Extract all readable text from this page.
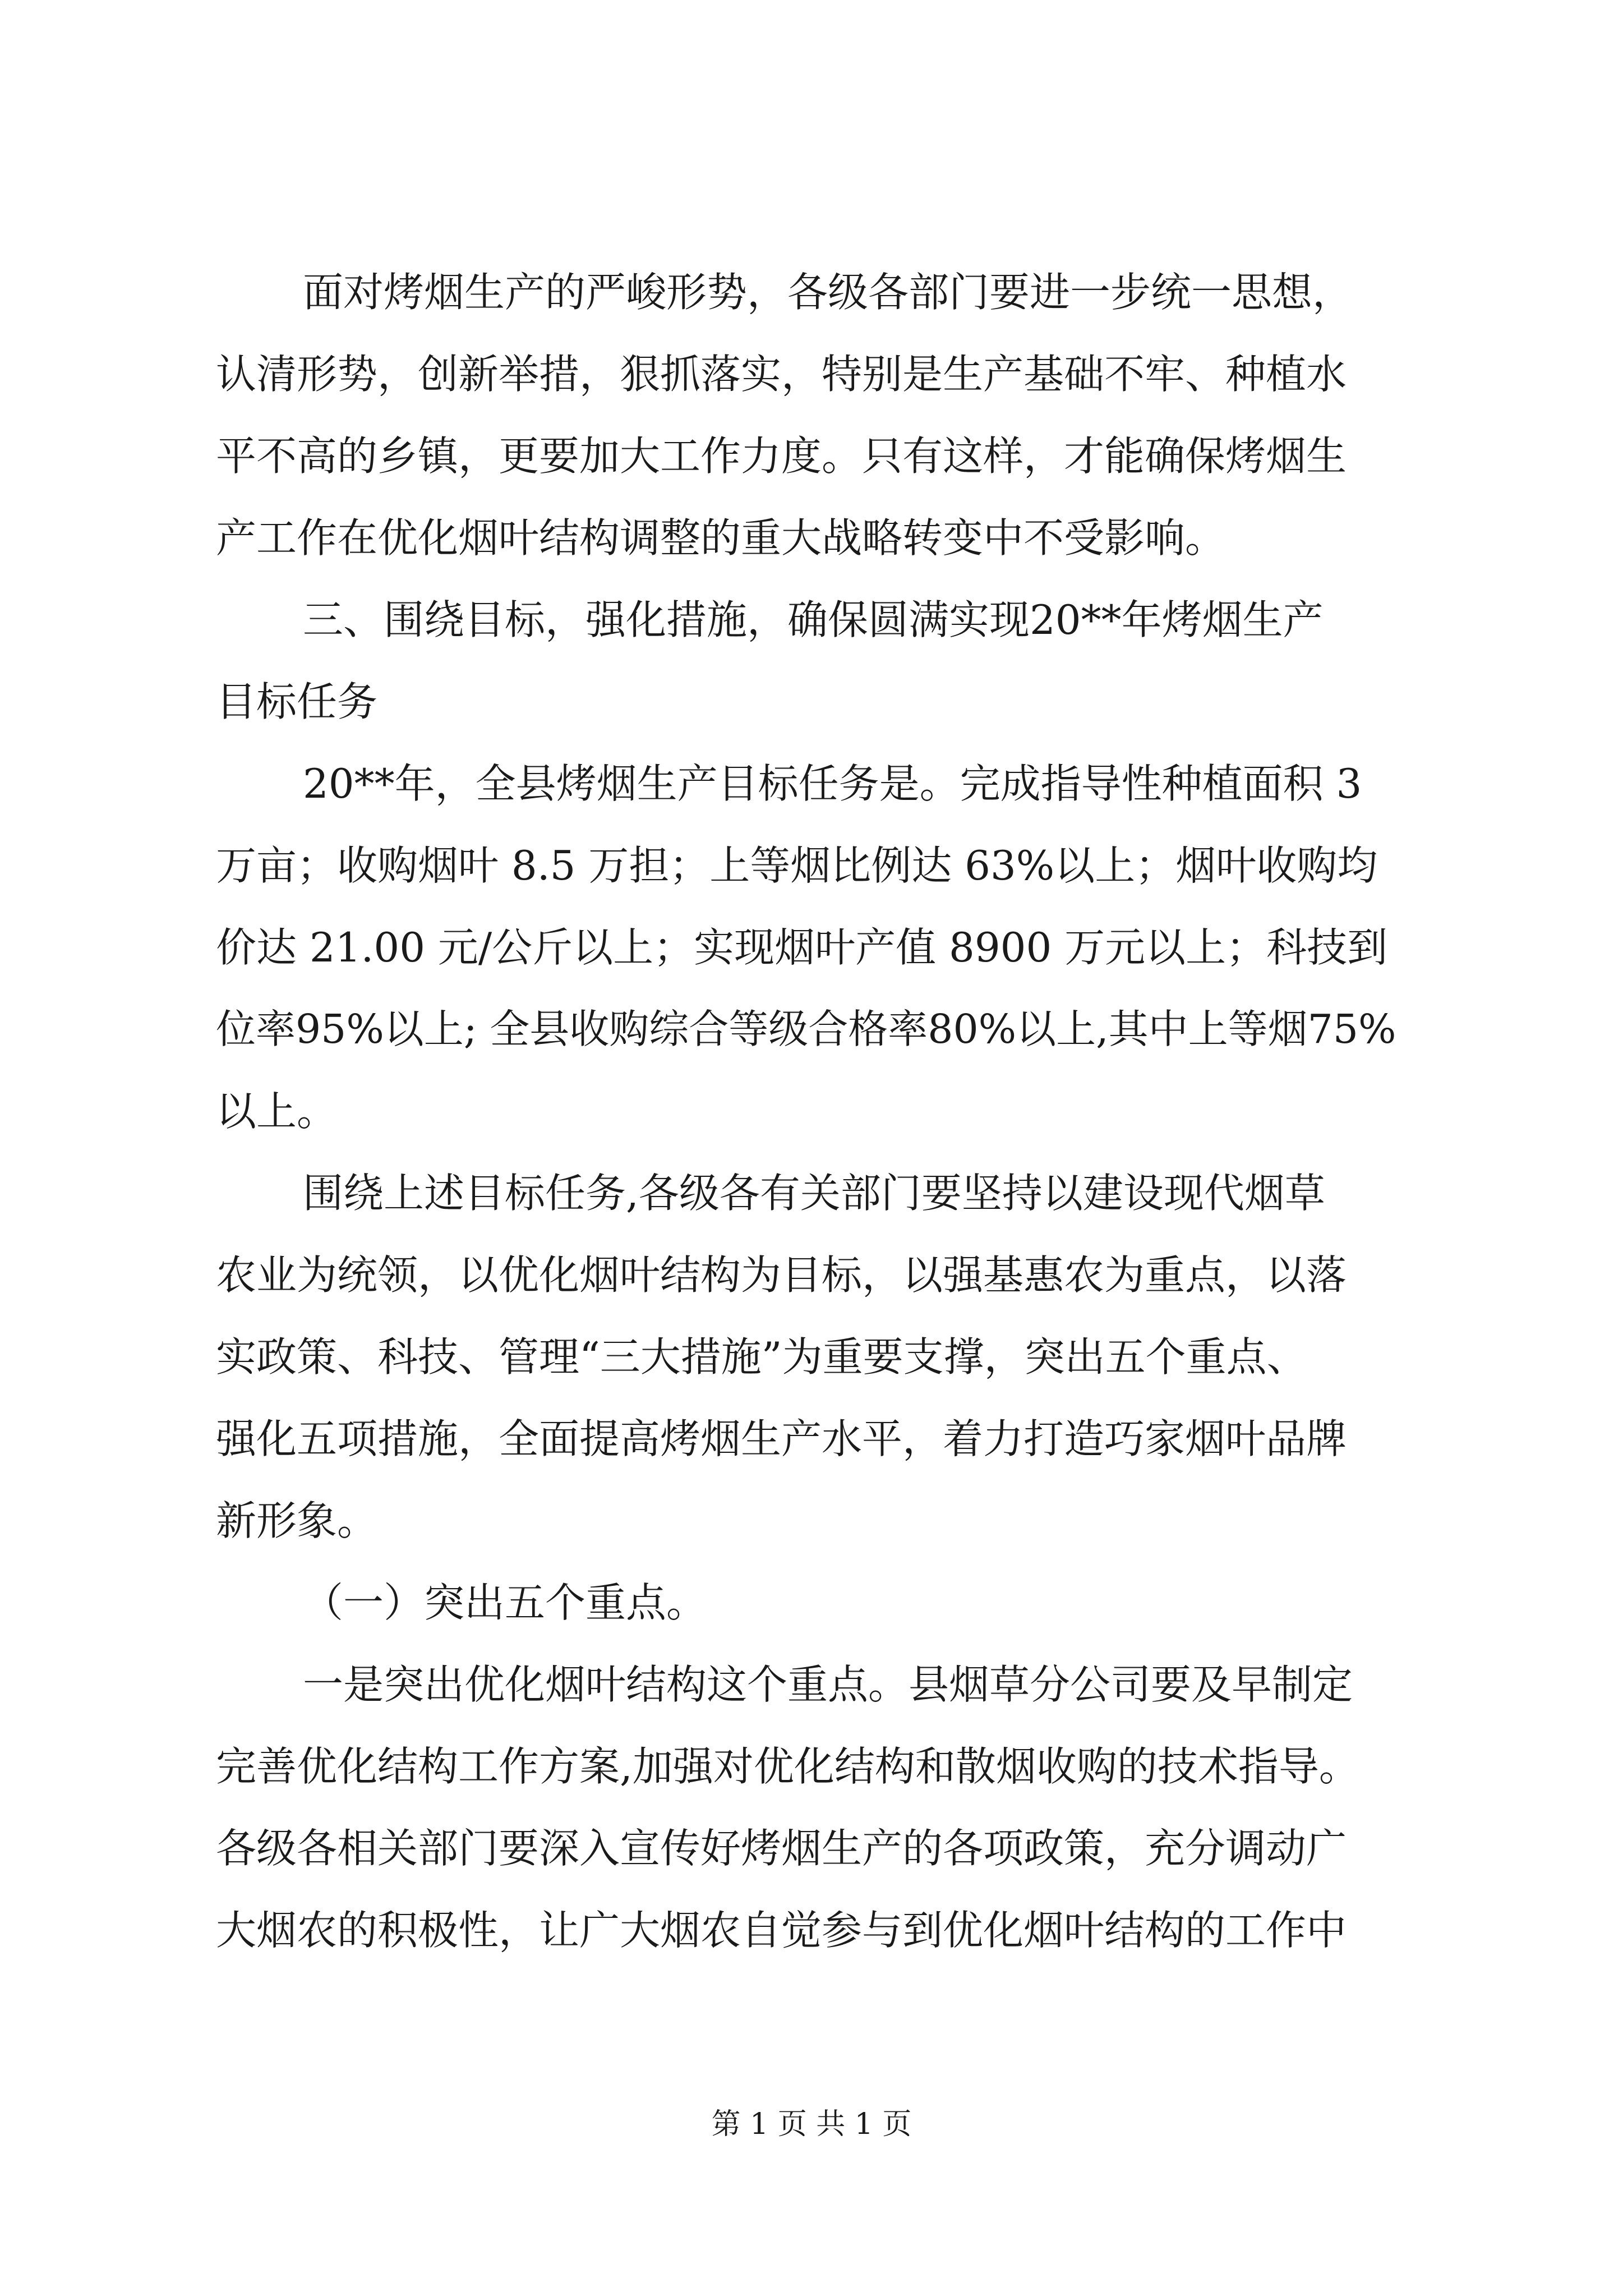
面对烤烟生产的严峻形势，各级各部门要进一步统一思想，
认清形势，创新举措，狠抓落实，特别是生产基础不牢、种植水
平不高的乡镇，更要加大工作力度。只有这样，才能确保烤烟生
产工作在优化烟叶结构调整的重大战略转变中不受影响。
三、围绕目标，强化措施，确保圆满实现20**年烤烟生产
目标任务
20**年，全县烤烟生产目标任务是。完成指导性种植面积 3
万亩；收购烟叶 8.5 万担；上等烟比例达 63%以上；烟叶收购均
价达 21.00 元/公斤以上；实现烟叶产值 8900 万元以上；科技到
位率95%以上; 全县收购综合等级合格率80%以上,其中上等烟75%
以上。
围绕上述目标任务,各级各有关部门要坚持以建设现代烟草
农业为统领，以优化烟叶结构为目标，以强基惠农为重点，以落
实政策、科技、管理“三大措施”为重要支撑，突出五个重点、
强化五项措施，全面提高烤烟生产水平，着力打造巧家烟叶品牌
新形象。
（一）突出五个重点。
一是突出优化烟叶结构这个重点。县烟草分公司要及早制定
完善优化结构工作方案,加强对优化结构和散烟收购的技术指导。
各级各相关部门要深入宣传好烤烟生产的各项政策，充分调动广
大烟农的积极性，让广大烟农自觉参与到优化烟叶结构的工作中
第 1 页 共 1 页
